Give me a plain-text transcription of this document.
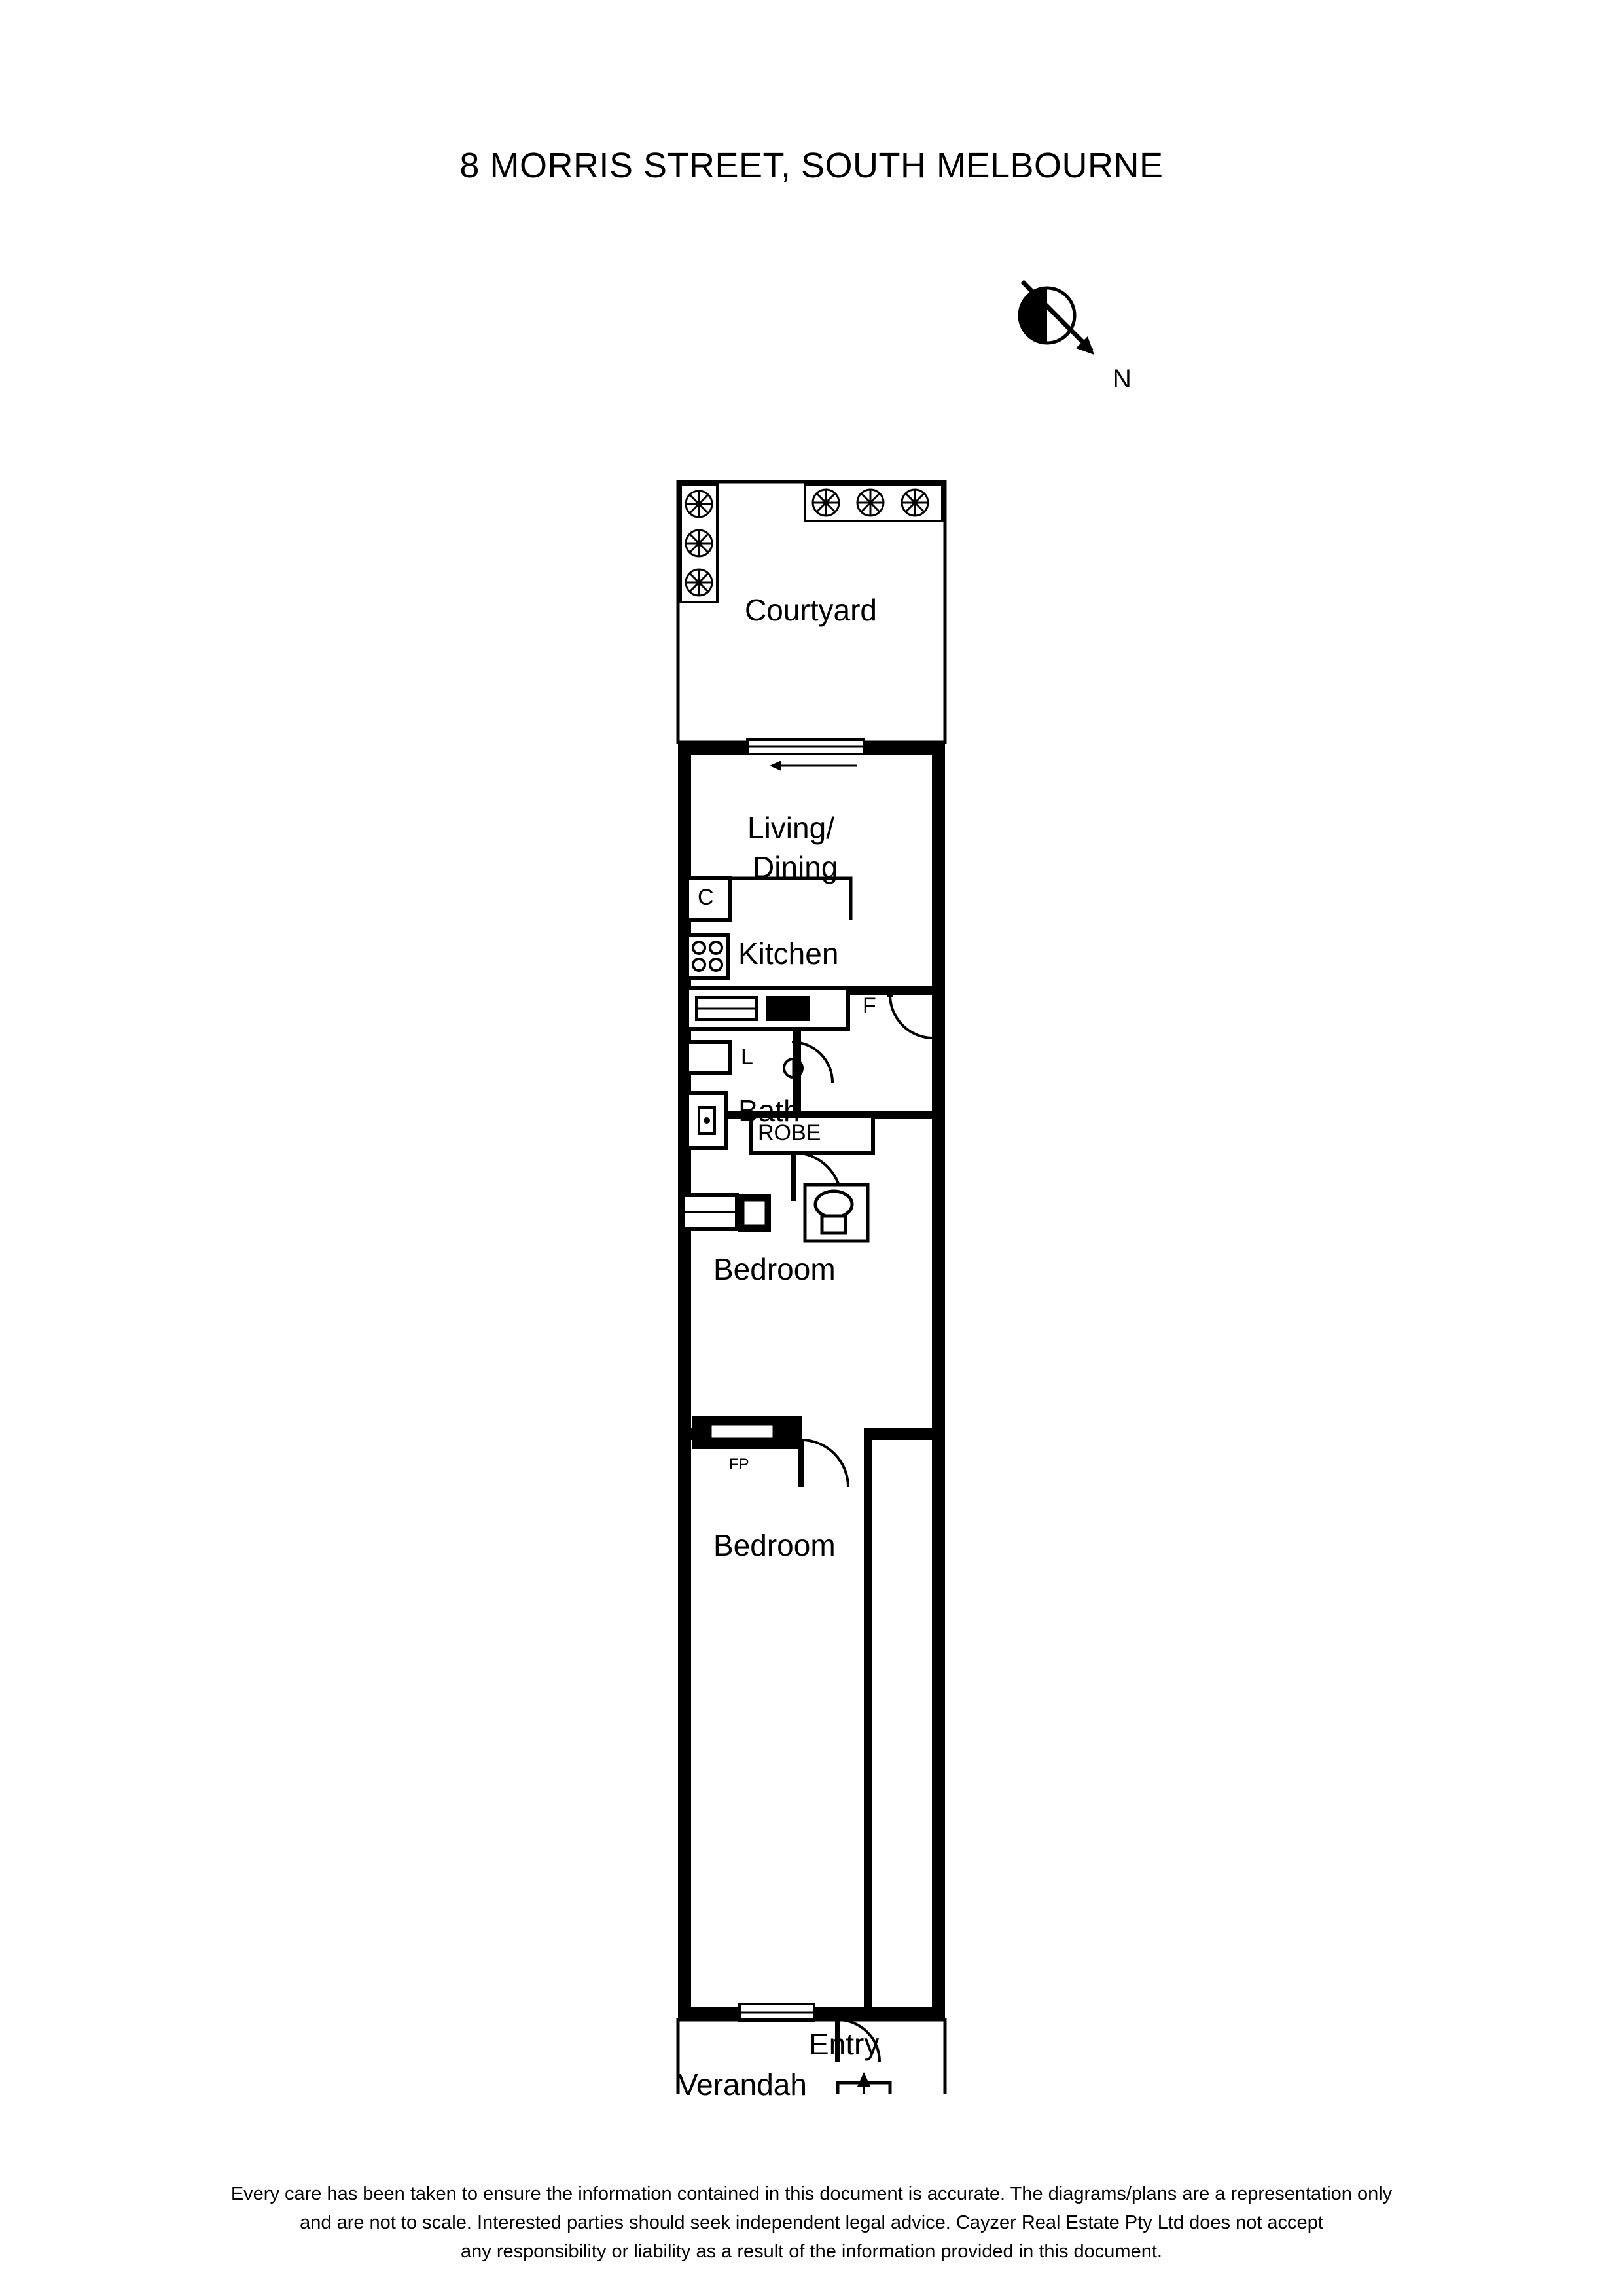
8 MORRIS STREET, SOUTH MELBOURNE
N
Courtyard
Living/
Dining
C
Kitchen
F
L
Bath
ROBE
Bedroom
FP
Bedroom
Entry
Verandah
Every care has been taken to ensure the information contained in this document is accurate. The diagrams/plans are a representation only
and are not to scale. Interested parties should seek independent legal advice. Cayzer Real Estate Pty Ltd does not accept
any responsibility or liability as a result of the information provided in this document.
